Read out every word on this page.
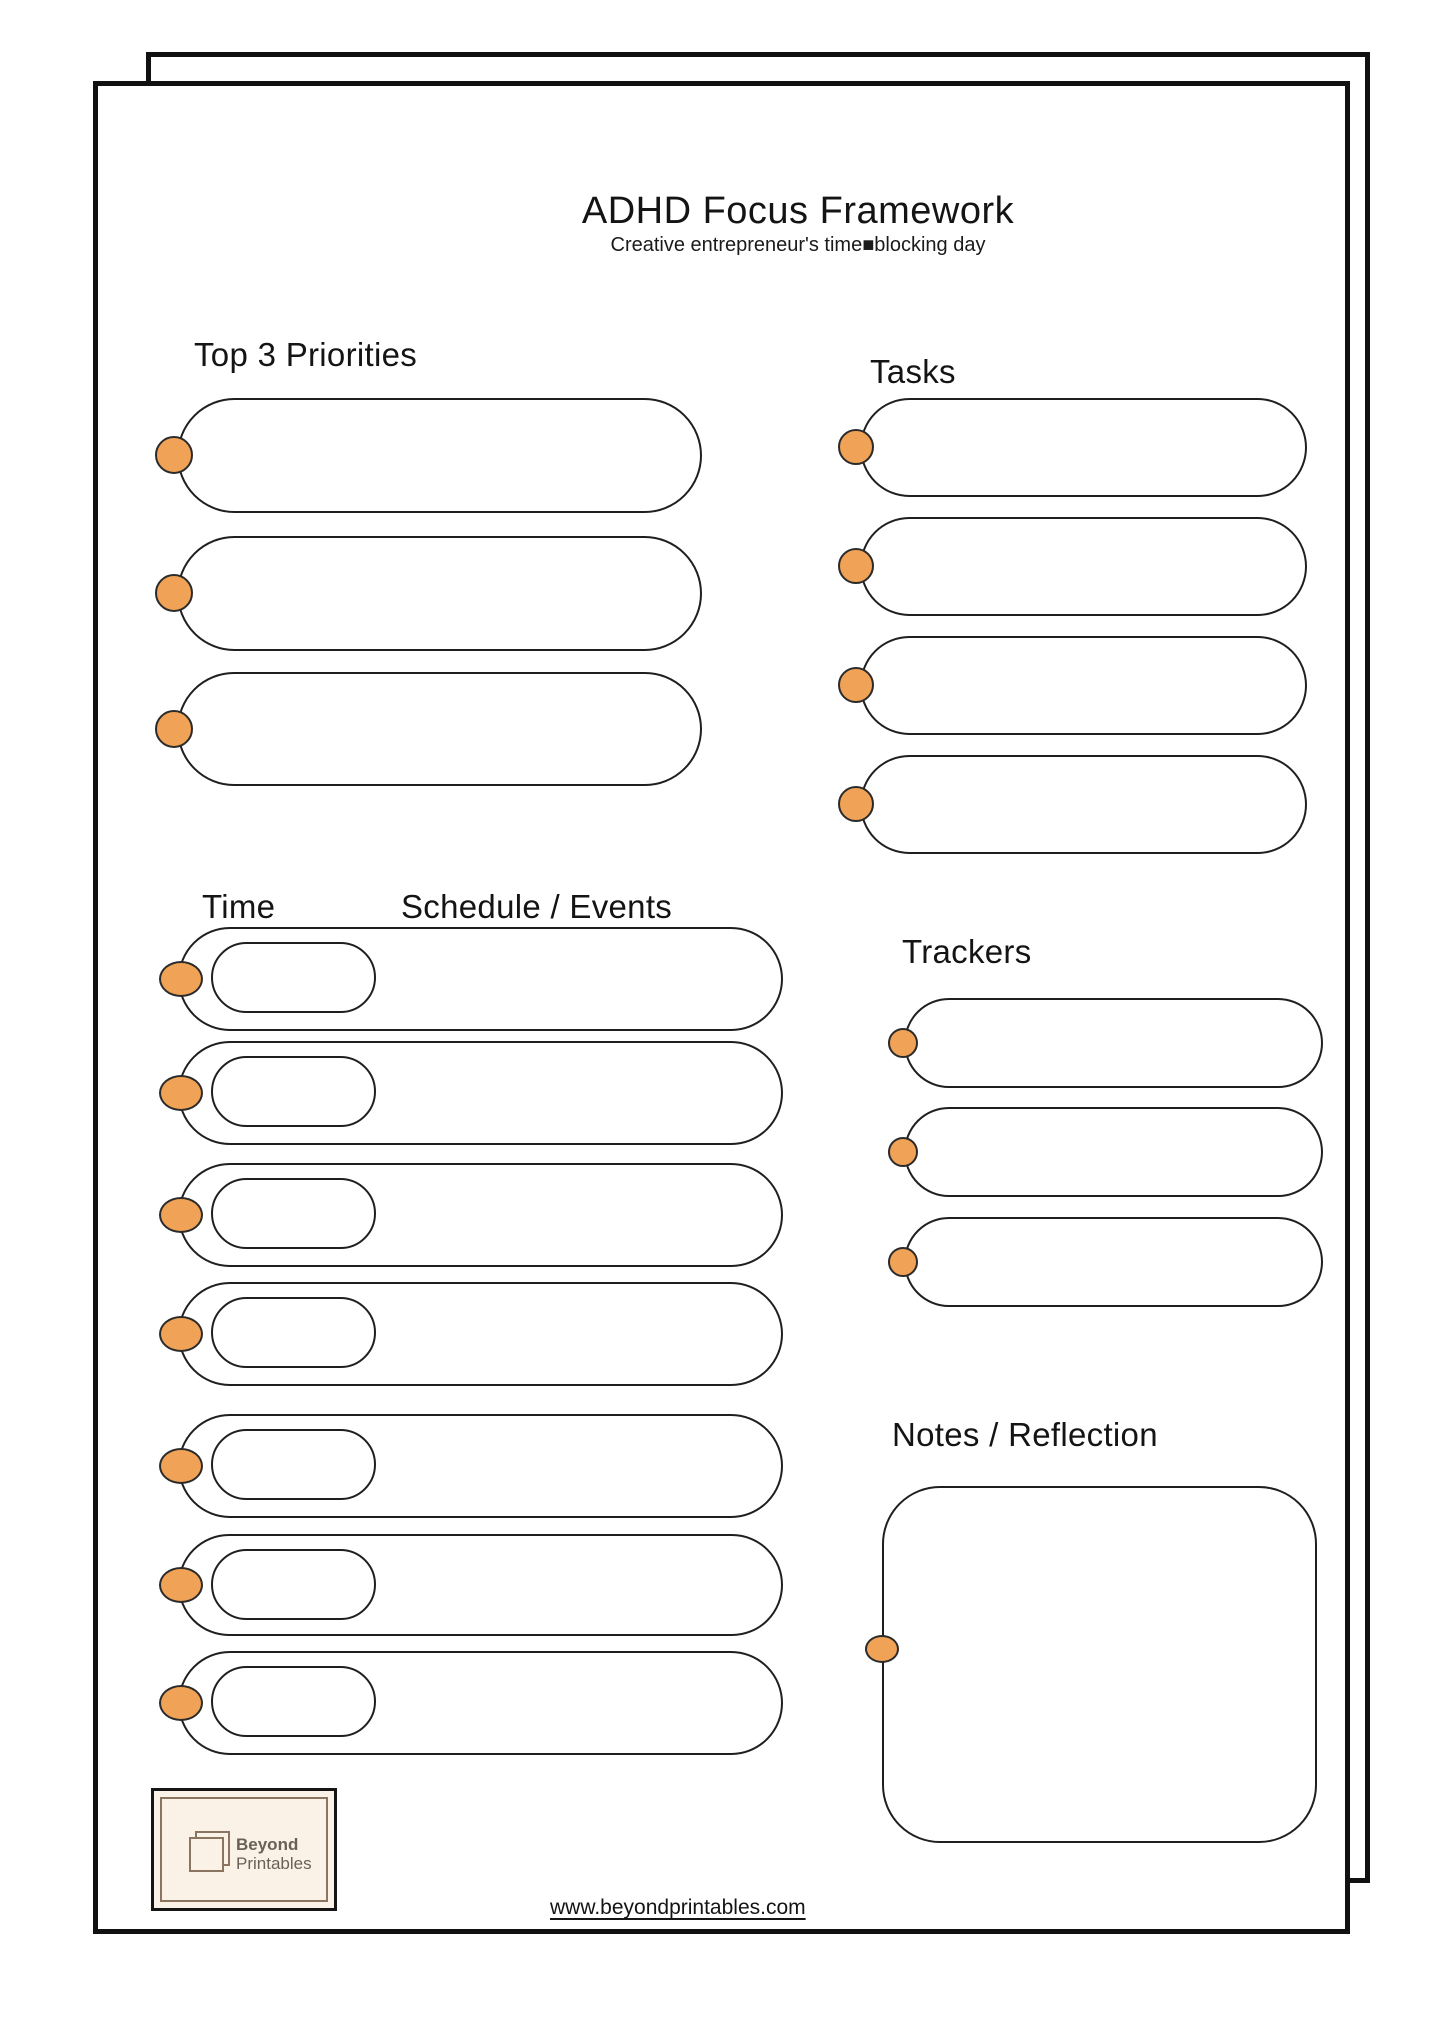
ADHD Focus Framework
Creative entrepreneur's time■blocking day
Top 3 Priorities	Tasks
Time	Schedule / Events
Trackers
Notes / Reflection
Beyond
Printables
www.beyondprintables.com
